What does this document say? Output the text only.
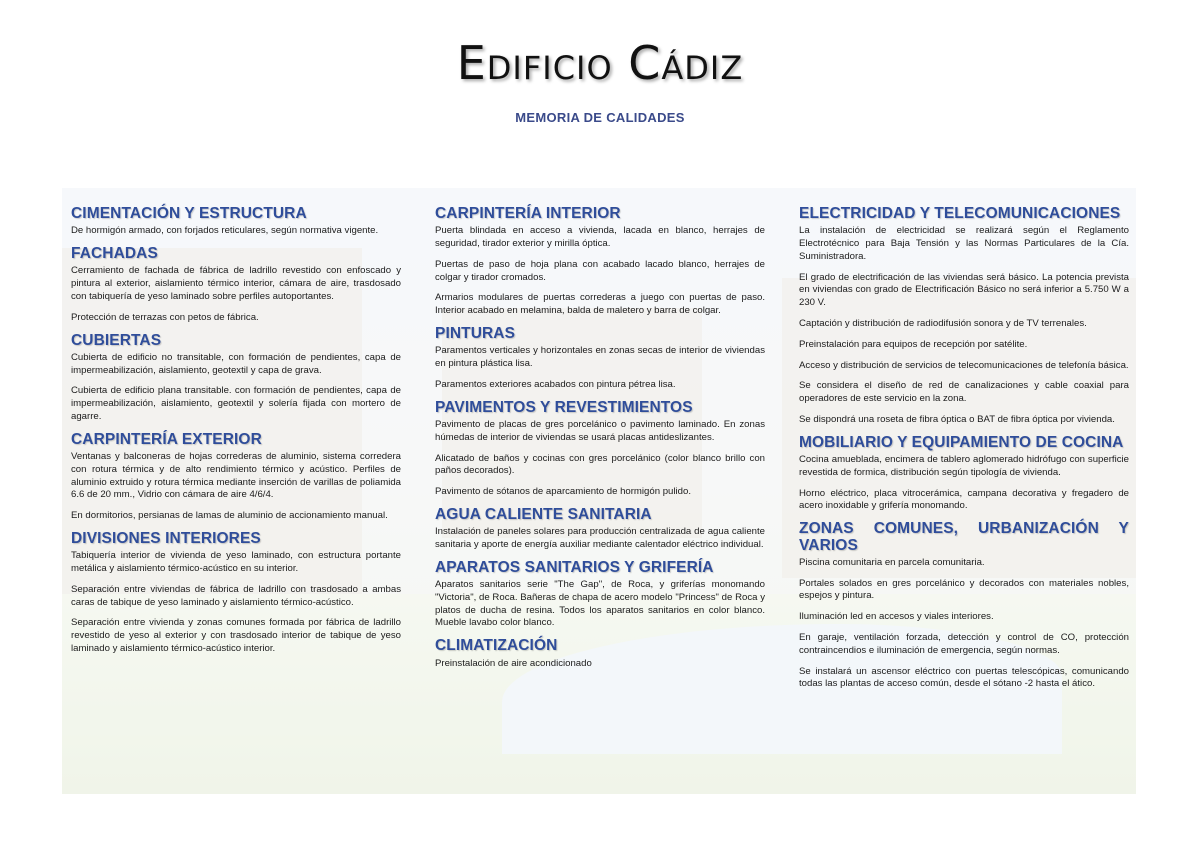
Edificio Cádiz
MEMORIA DE CALIDADES
CIMENTACIÓN Y ESTRUCTURA

De hormigón armado, con forjados reticulares, según normativa vigente.

FACHADAS

Cerramiento de fachada de fábrica de ladrillo revestido con enfoscado y pintura al exterior, aislamiento térmico interior, cámara de aire, trasdosado con tabiquería de yeso laminado sobre perfiles autoportantes.

Protección de terrazas con petos de fábrica.

CUBIERTAS

Cubierta de edificio no transitable, con formación de pendientes, capa de impermeabilización, aislamiento, geotextil y capa de grava.

Cubierta de edificio plana transitable. con formación de pendientes, capa de impermeabilización, aislamiento, geotextil y solería fijada con mortero de agarre.

CARPINTERÍA EXTERIOR

Ventanas y balconeras de hojas correderas de aluminio, sistema corredera con rotura térmica y de alto rendimiento térmico y acústico. Perfiles de aluminio extruido y rotura térmica mediante inserción de varillas de poliamida 6.6 de 20 mm., Vidrio con cámara de aire 4/6/4.

En dormitorios, persianas de lamas de aluminio de accionamiento manual.

DIVISIONES INTERIORES

Tabiquería interior de vivienda de yeso laminado, con estructura portante metálica y aislamiento térmico-acústico en su interior.

Separación entre viviendas de fábrica de ladrillo con trasdosado a ambas caras de tabique de yeso laminado y aislamiento térmico-acústico.

Separación entre vivienda y zonas comunes formada por fábrica de ladrillo revestido de yeso al exterior y con trasdosado interior de tabique de yeso laminado y aislamiento térmico-acústico interior.

CARPINTERÍA INTERIOR

Puerta blindada en acceso a vivienda, lacada en blanco, herrajes de seguridad, tirador exterior y mirilla óptica.

Puertas de paso de hoja plana con acabado lacado blanco, herrajes de colgar y tirador cromados.

Armarios modulares de puertas correderas a juego con puertas de paso. Interior acabado en melamina, balda de maletero y barra de colgar.

PINTURAS

Paramentos verticales y horizontales en zonas secas de interior de viviendas en pintura plástica lisa.

Paramentos exteriores acabados con pintura pétrea lisa.

PAVIMENTOS Y REVESTIMIENTOS

Pavimento de placas de gres porcelánico o pavimento laminado. En zonas húmedas de interior de viviendas se usará placas antideslizantes.

Alicatado de baños y cocinas con gres porcelánico (color blanco brillo con paños decorados).

Pavimento de sótanos de aparcamiento de hormigón pulido.

AGUA CALIENTE SANITARIA

Instalación de paneles solares para producción centralizada de agua caliente sanitaria y aporte de energía auxiliar mediante calentador eléctrico individual.

APARATOS SANITARIOS Y GRIFERÍA

Aparatos sanitarios serie "The Gap", de Roca, y griferías monomando "Victoria", de Roca. Bañeras de chapa de acero modelo "Princess" de Roca y platos de ducha de resina. Todos los aparatos sanitarios en color blanco. Mueble lavabo color blanco.

CLIMATIZACIÓN

Preinstalación de aire acondicionado

ELECTRICIDAD Y TELECOMUNICACIONES

La instalación de electricidad se realizará según el Reglamento Electrotécnico para Baja Tensión y las Normas Particulares de la Cía. Suministradora.

El grado de electrificación de las viviendas será básico. La potencia prevista en viviendas con grado de Electrificación Básico no será inferior a 5.750 W a 230 V.

Captación y distribución de radiodifusión sonora y de TV terrenales.

Preinstalación para equipos de recepción por satélite.

Acceso y distribución de servicios de telecomunicaciones de telefonía básica.

Se considera el diseño de red de canalizaciones y cable coaxial para operadores de este servicio en la zona.

Se dispondrá una roseta de fibra óptica o BAT de fibra óptica por vivienda.

MOBILIARIO Y EQUIPAMIENTO DE COCINA

Cocina amueblada, encimera de tablero aglomerado hidrófugo con superficie revestida de formica, distribución según tipología de vivienda.

Horno eléctrico, placa vitrocerámica, campana decorativa y fregadero de acero inoxidable y grifería monomando.

ZONAS COMUNES, URBANIZACIÓN Y VARIOS

Piscina comunitaria en parcela comunitaria.

Portales solados en gres porcelánico y decorados con materiales nobles, espejos y pintura.

Iluminación led en accesos y viales interiores.

En garaje, ventilación forzada, detección y control de CO, protección contraincendios e iluminación de emergencia, según normas.

Se instalará un ascensor eléctrico con puertas telescópicas, comunicando todas las plantas de acceso común, desde el sótano -2 hasta el ático.
